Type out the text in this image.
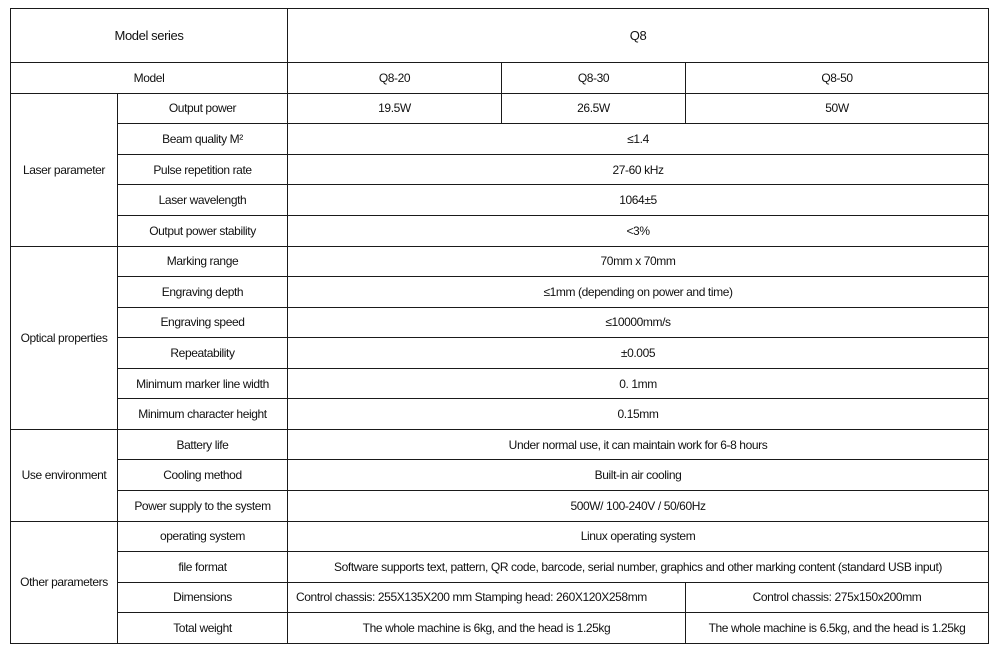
Model series		Q8		
Model		Q8-20	Q8-30	Q8-50
Laser parameter	Output power	19.5W	26.5W	50W
	Beam quality M²	≤1.4		
	Pulse repetition rate	27-60 kHz		
	Laser wavelength	1064±5		
	Output power stability	<3%		
Optical properties	Marking range	70mm x 70mm		
	Engraving depth	≤1mm (depending on power and time)		
	Engraving speed	≤10000mm/s		
	Repeatability	±0.005		
	Minimum marker line width	0. 1mm		
	Minimum character height	0.15mm		
Use environment	Battery life	Under normal use, it can maintain work for 6-8 hours		
	Cooling method	Built-in air cooling		
	Power supply to the system	500W/ 100-240V / 50/60Hz		
Other parameters	operating system	Linux operating system		
	file format	Software supports text, pattern, QR code, barcode, serial number, graphics and other marking content (standard USB input)		
	Dimensions	Control chassis: 255X135X200 mm Stamping head: 260X120X258mm		Control chassis: 275x150x200mm
	Total weight	The whole machine is 6kg, and the head is 1.25kg		The whole machine is 6.5kg, and the head is 1.25kg
